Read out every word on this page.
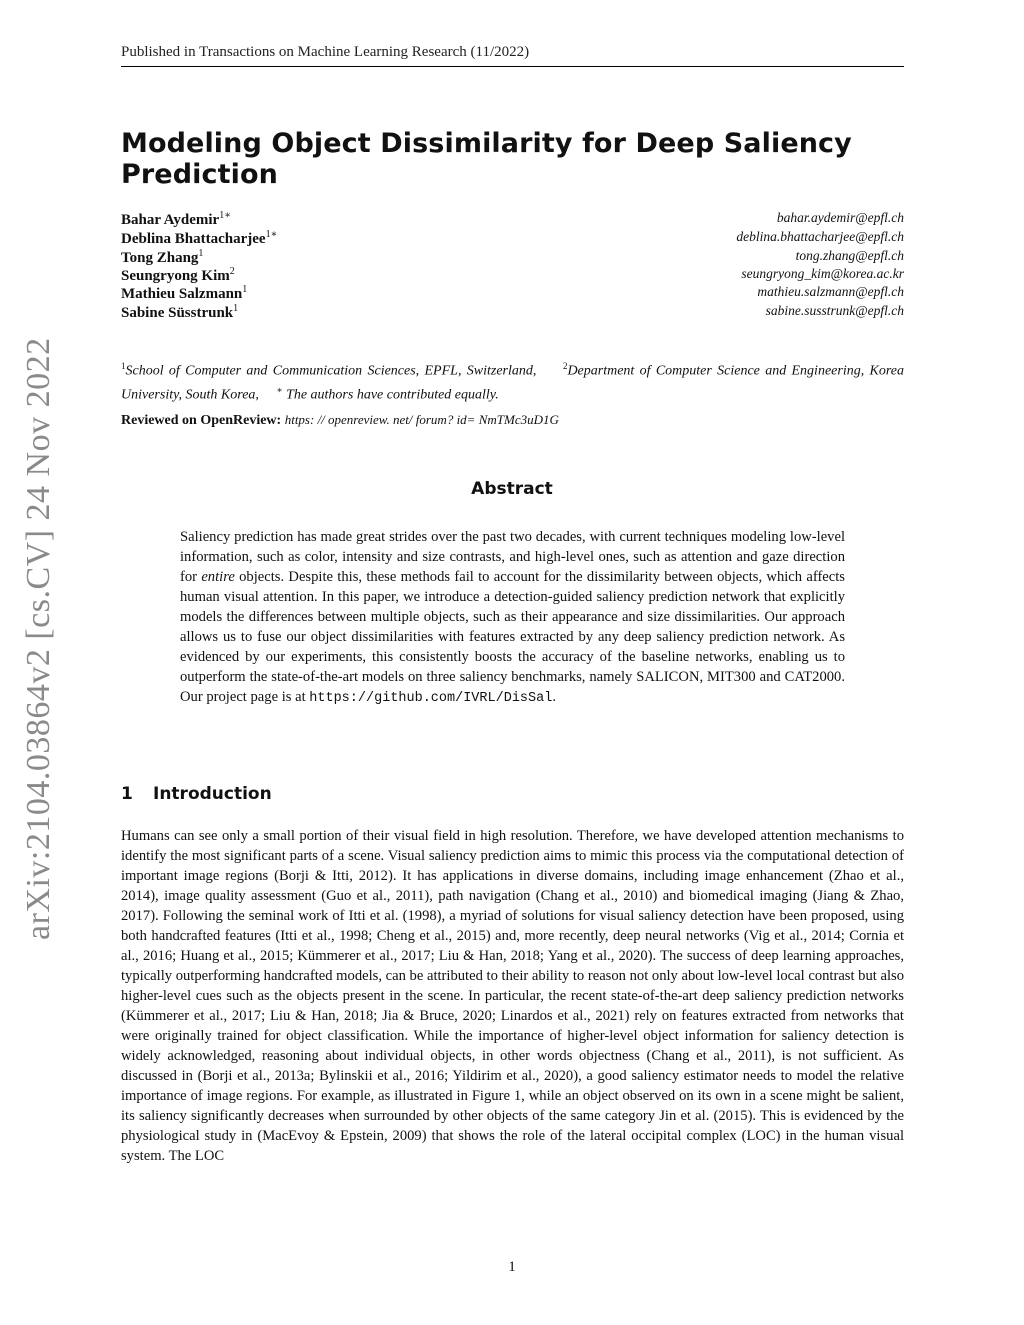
Published in Transactions on Machine Learning Research (11/2022)
arXiv:2104.03864v2 [cs.CV] 24 Nov 2022
Modeling Object Dissimilarity for Deep Saliency Prediction
Bahar Aydemir$^{1∗}$	bahar.aydemir@epfl.ch
Deblina Bhattacharjee$^{1∗}$	deblina.bhattacharjee@epfl.ch
Tong Zhang$^1$	tong.zhang@epfl.ch
Seungryong Kim$^2$	seungryong_kim@korea.ac.kr
Mathieu Salzmann$^1$	mathieu.salzmann@epfl.ch
Sabine Süsstrunk$^1$	sabine.susstrunk@epfl.ch
$^1$School of Computer and Communication Sciences, EPFL, Switzerland,	$^2$Department of Computer Science and Engineering, Korea University, South Korea, ∗ The authors have contributed equally.
Reviewed on OpenReview: https: // openreview. net/ forum? id= NmTMc3uD1G
Abstract
Saliency prediction has made great strides over the past two decades, with current techniques modeling low-level information, such as color, intensity and size contrasts, and high-level ones, such as attention and gaze direction for entire objects. Despite this, these methods fail to account for the dissimilarity between objects, which affects human visual attention. In this paper, we introduce a detection-guided saliency prediction network that explicitly models the differences between multiple objects, such as their appearance and size dissimilarities. Our approach allows us to fuse our object dissimilarities with features extracted by any deep saliency prediction network. As evidenced by our experiments, this consistently boosts the accuracy of the baseline networks, enabling us to outperform the state-of-the-art models on three saliency benchmarks, namely SALICON, MIT300 and CAT2000. Our project page is at https://github.com/IVRL/DisSal.
1 Introduction
Humans can see only a small portion of their visual field in high resolution. Therefore, we have developed attention mechanisms to identify the most significant parts of a scene. Visual saliency prediction aims to mimic this process via the computational detection of important image regions (Borji & Itti, 2012). It has applications in diverse domains, including image enhancement (Zhao et al., 2014), image quality assessment (Guo et al., 2011), path navigation (Chang et al., 2010) and biomedical imaging (Jiang & Zhao, 2017). Following the seminal work of Itti et al. (1998), a myriad of solutions for visual saliency detection have been proposed, using both handcrafted features (Itti et al., 1998; Cheng et al., 2015) and, more recently, deep neural networks (Vig et al., 2014; Cornia et al., 2016; Huang et al., 2015; Kümmerer et al., 2017; Liu & Han, 2018; Yang et al., 2020). The success of deep learning approaches, typically outperforming handcrafted models, can be attributed to their ability to reason not only about low-level local contrast but also higher-level cues such as the objects present in the scene. In particular, the recent state-of-the-art deep saliency prediction networks (Kümmerer et al., 2017; Liu & Han, 2018; Jia & Bruce, 2020; Linardos et al., 2021) rely on features extracted from networks that were originally trained for object classification. While the importance of higher-level object information for saliency detection is widely acknowledged, reasoning about individual objects, in other words objectness (Chang et al., 2011), is not sufficient. As discussed in (Borji et al., 2013a; Bylinskii et al., 2016; Yildirim et al., 2020), a good saliency estimator needs to model the relative importance of image regions. For example, as illustrated in Figure 1, while an object observed on its own in a scene might be salient, its saliency significantly decreases when surrounded by other objects of the same category Jin et al. (2015). This is evidenced by the physiological study in (MacEvoy & Epstein, 2009) that shows the role of the lateral occipital complex (LOC) in the human visual system. The LOC
1
